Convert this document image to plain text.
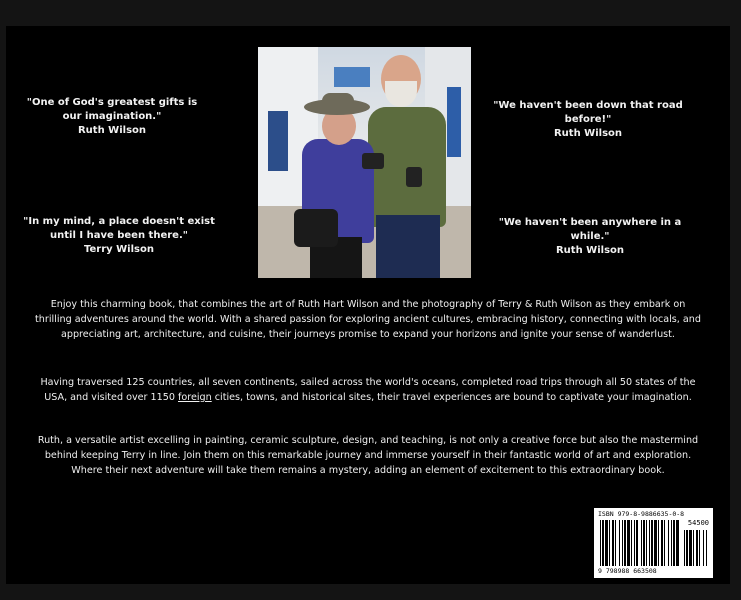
"One of God's greatest gifts is our imagination."
Ruth Wilson
"In my mind, a place doesn't exist until I have been there."
Terry Wilson
"We haven't been down that road before!"
Ruth Wilson
"We haven't been anywhere in a while."
Ruth Wilson

Enjoy this charming book, that combines the art of Ruth Hart Wilson and the photography of Terry & Ruth Wilson as they embark on thrilling adventures around the world. With a shared passion for exploring ancient cultures, embracing history, connecting with locals, and appreciating art, architecture, and cuisine, their journeys promise to expand your horizons and ignite your sense of wanderlust.

Having traversed 125 countries, all seven continents, sailed across the world's oceans, completed road trips through all 50 states of the USA, and visited over 1150 foreign cities, towns, and historical sites, their travel experiences are bound to captivate your imagination.

Ruth, a versatile artist excelling in painting, ceramic sculpture, design, and teaching, is not only a creative force but also the mastermind behind keeping Terry in line. Join them on this remarkable journey and immerse yourself in their fantastic world of art and exploration. Where their next adventure will take them remains a mystery, adding an element of excitement to this extraordinary book.

ISBN 979-8-9886635-0-8
54500
9 798988 663508
